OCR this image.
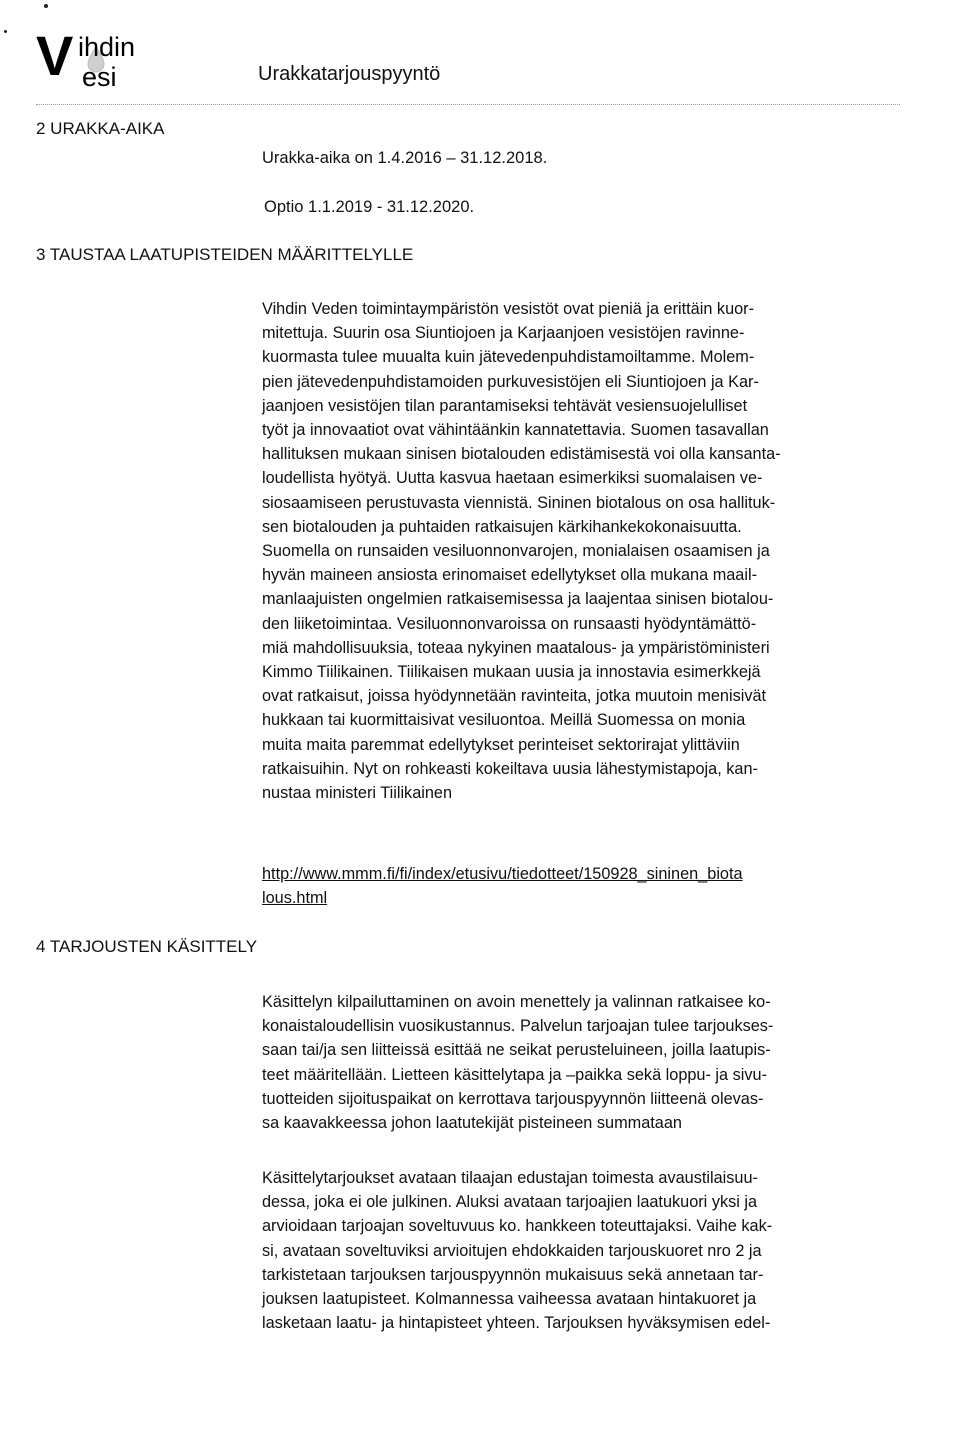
V ihdin
esi	Urakkatarjouspyyntö
2 URAKKA-AIKA
Urakka-aika on 1.4.2016 – 31.12.2018.
Optio 1.1.2019 - 31.12.2020.
3 TAUSTAA LAATUPISTEIDEN MÄÄRITTELYLLE
Vihdin Veden toimintaympäristön vesistöt ovat pieniä ja erittäin kuor-
mitettuja. Suurin osa Siuntiojoen ja Karjaanjoen vesistöjen ravinne-
kuormasta tulee muualta kuin jätevedenpuhdistamoiltamme. Molem-
pien jätevedenpuhdistamoiden purkuvesistöjen eli Siuntiojoen ja Kar-
jaanjoen vesistöjen tilan parantamiseksi tehtävät vesiensuojelulliset
työt ja innovaatiot ovat vähintäänkin kannatettavia. Suomen tasavallan
hallituksen mukaan sinisen biotalouden edistämisestä voi olla kansanta-
loudellista hyötyä. Uutta kasvua haetaan esimerkiksi suomalaisen ve-
siosaamiseen perustuvasta viennistä. Sininen biotalous on osa hallituk-
sen biotalouden ja puhtaiden ratkaisujen kärkihankekokonaisuutta.
Suomella on runsaiden vesiluonnonvarojen, monialaisen osaamisen ja
hyvän maineen ansiosta erinomaiset edellytykset olla mukana maail-
manlaajuisten ongelmien ratkaisemisessa ja laajentaa sinisen biotalou-
den liiketoimintaa. Vesiluonnonvaroissa on runsaasti hyödyntämättö-
miä mahdollisuuksia, toteaa nykyinen maatalous- ja ympäristöministeri
Kimmo Tiilikainen. Tiilikaisen mukaan uusia ja innostavia esimerkkejä
ovat ratkaisut, joissa hyödynnetään ravinteita, jotka muutoin menisivät
hukkaan tai kuormittaisivat vesiluontoa. Meillä Suomessa on monia
muita maita paremmat edellytykset perinteiset sektorirajat ylittäviin
ratkaisuihin. Nyt on rohkeasti kokeiltava uusia lähestymistapoja, kan-
nustaa ministeri Tiilikainen
http://www.mmm.fi/fi/index/etusivu/tiedotteet/150928_sininen_biota
lous.html
4 TARJOUSTEN KÄSITTELY
Käsittelyn kilpailuttaminen on avoin menettely ja valinnan ratkaisee ko-
konaistaloudellisin vuosikustannus. Palvelun tarjoajan tulee tarjoukses-
saan tai/ja sen liitteissä esittää ne seikat perusteluineen, joilla laatupis-
teet määritellään. Lietteen käsittelytapa ja –paikka sekä loppu- ja sivu-
tuotteiden sijoituspaikat on kerrottava tarjouspyynnön liitteenä olevas-
sa kaavakkeessa johon laatutekijät pisteineen summataan
Käsittelytarjoukset avataan tilaajan edustajan toimesta avaustilaisuu-
dessa, joka ei ole julkinen. Aluksi avataan tarjoajien laatukuori yksi ja
arvioidaan tarjoajan soveltuvuus ko. hankkeen toteuttajaksi. Vaihe kak-
si, avataan soveltuviksi arvioitujen ehdokkaiden tarjouskuoret nro 2 ja
tarkistetaan tarjouksen tarjouspyynnön mukaisuus sekä annetaan tar-
jouksen laatupisteet. Kolmannessa vaiheessa avataan hintakuoret ja
lasketaan laatu- ja hintapisteet yhteen. Tarjouksen hyväksymisen edel-
